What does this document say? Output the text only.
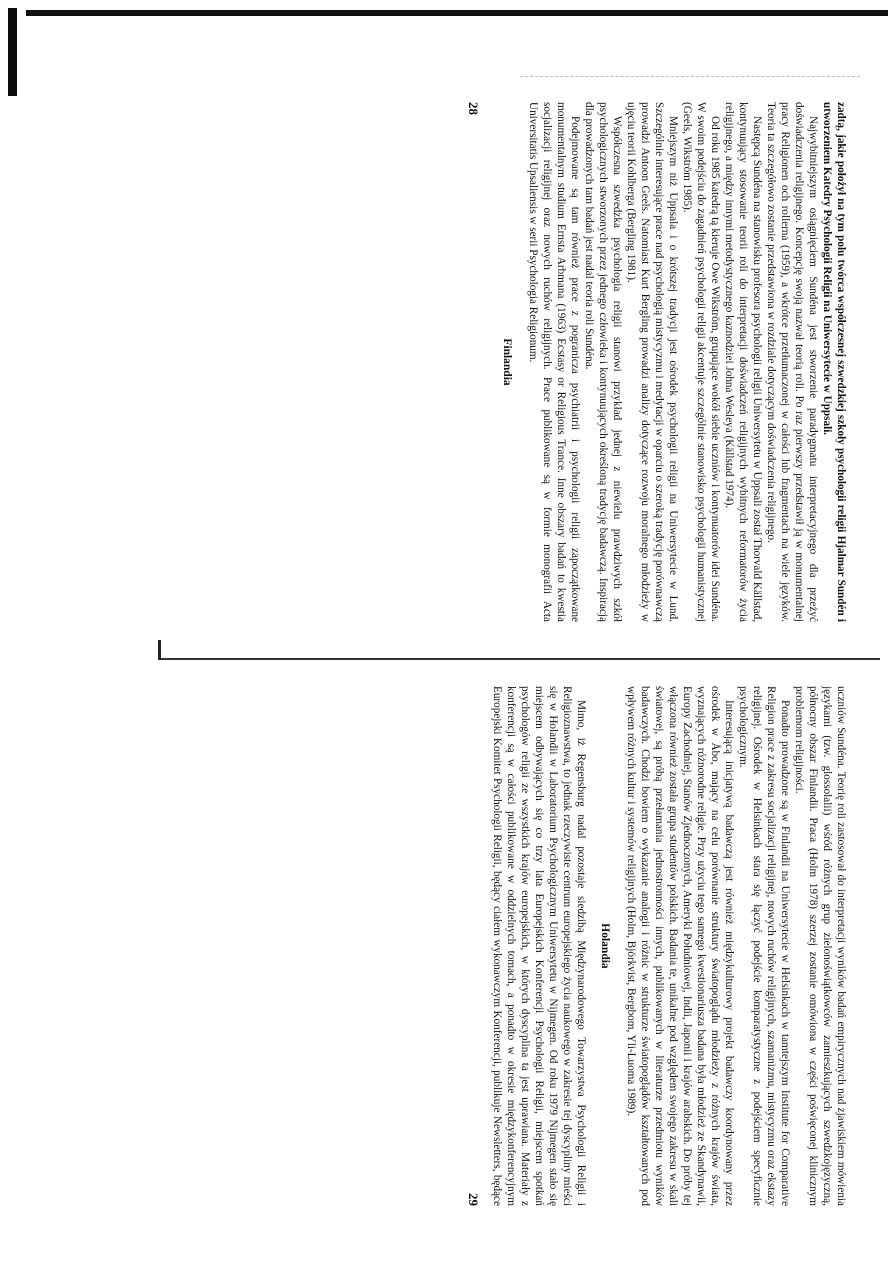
zadtą, jakie położył na tym polu twórca współczesnej szwedzkiej szkoły psychologii religii Hjalmar Sundén i utworzeniem Katedry Psychologii Religii na Uniwersytecie w Uppsali.

Najwybitniejszym osiągnięciem Sundéna jest stworzenie paradygmatu interpretacyjnego dla przeżyć doświadczenia religijnego. Koncepcję swoją nazwał teorią roli. Po raz pierwszy przedstawił ją w monumentalnej pracy Religionen och rollerna (1959), a wkrótce przetłumaczonej w całości lub fragmentach na wiele języków. Teoria ta szczegółowo zostanie przedstawiona w rozdziale dotyczącym doświadczenia religijnego.

Następcą Sundéna na stanowisku profesora psychologii religii Uniwersytetu w Uppsali został Thorvald Källstad, kontynuujący stosowanie teorii roli do interpretacji doświadczeń religijnych wybitnych reformatorów życia religijnego, a między innymi metodystycznego kaznodziei Johna Wesleya (Källstad 1974).

Od roku 1985 katedrą tą kieruje Owe Wikström, grupujące wokół siebie uczniów i kontynuatorów idei Sundéna. W swoim podejściu do zagadnień psychologii religii akcentuje szczególnie stanowisko psychologii humanistycznej (Geels, Wikström 1985).

Mniejszym niż Uppsala i o krótszej tradycji jest ośrodek psychologii religii na Uniwersytecie w Lund. Szczególnie interesujące prace nad psychologią mistycyzmu i medytacji w oparciu o szeroką tradycję porównawczą prowadzi Antoon Geels. Natomiast Kurt Bergling prowadzi analizy dotyczące rozwoju moralnego młodzieży w ujęciu teorii Kohlberga (Bergling 1981).

Współczesna szwedzka psychologia religii stanowi przykład jednej z niewielu prawdziwych szkół psychologicznych stworzonych przez jednego człowieka i kontynuujących określoną tradycję badawczą. Inspiracją dla prowadzonych tam badań jest nadal teoria roli Sundéna.

Podejmowane są tam również prace z pogranicza psychiatrii i psychologii religii zapoczątkowane monumentalnym studium Ernsta Arbmana (1963) Ecstasy or Religious Trance. Inne obszary badań to kwestia socjalizacji religijnej oraz nowych ruchów religijnych. Prace publikowane są w formie monografii Acta Universitatis Upsaliensis w serii Psychologia Religionum.

Finlandia

28

uczniów Sundéna. Teorię roli zastosował do interpretacji wyników badań empirycznych nad zjawiskiem mówienia językami (tzw. glossolalii) wśród różnych grup zielonoświątkowców zamieszkujących szwedzkojęzyczną, północny obszar Finlandii. Praca (Holm 1978) szerzej zostanie omówiona w części poświęconej klinicznym problemom religijności.

Ponadto prowadzone są w Finlandii na Uniwersytecie w Helsinkach w tamtejszym Institute for Comparative Religion prace z zakresu socjalizacji religijnej, nowych ruchów religijnych, szamanizmu, mistycyzmu oraz ekstazy religijnej. Ośrodek w Helsinkach stara się łączyć podejście komparatystyczne z podejściem specyficznie psychologicznym.

Interesującą inicjatywą badawczą jest również międzykulturowy projekt badawczy koordynowany przez ośrodek w Åbo, mający na celu porównanie struktury światopoglądu młodzieży z różnych krajów świata, wyznających różnorodne religie. Przy użyciu tego samego kwestionariusza badana była młodzież ze Skandynawii, Europy Zachodniej, Stanów Zjednoczonych, Ameryki Południowej, Indii, Japonii i krajów arabskich. Do próby tej włączona również została grupa studentów polskich. Badania te, unikalne pod względem swojego zakresu w skali światowej, są próbą przełamania jednostronności innych, publikowanych w literaturze przedmiotu wyników badawczych. Chodzi bowiem o wykazanie analogii i różnic w strukturze światopoglądów kształtowanych pod wpływem różnych kultur i systemów religijnych (Holm, Björkvist, Bergbom, Yli-Luoma 1989).

Holandia

Mimo, iż Regensburg nadal pozostaje siedzibą Międzynarodowego Towarzystwa Psychologii Religii i Religioznawstwa, to jednak rzeczywiste centrum europejskiego życia naukowego w zakresie tej dyscypliny mieści się w Holandii w Laboratorium Psychologicznym Uniwersytetu w Nijmegen. Od roku 1979 Nijmegen stało się miejscem odbywających się co trzy lata Europejskich Konferencji Psychologii Religii, miejscem spotkań psychologów religii ze wszystkich krajów europejskich, w których dyscyplina ta jest uprawiana. Materiały z konferencji są w całości publikowane w oddzielnych tomach, a ponadto w okresie międzykonferencyjnym Europejski Komitet Psychologii Religii, będący ciałem wykonawczym Konferencji, publikuje Newsletters, będące

29
